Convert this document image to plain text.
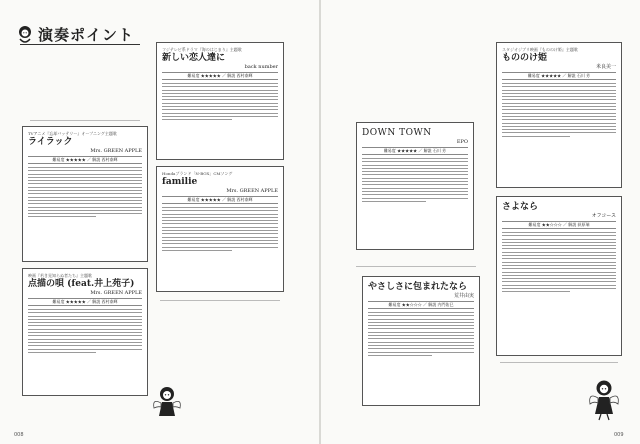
演奏ポイント
TVアニメ『忘却バッテリー』オープニング主題歌
ライラック
Mrs. GREEN APPLE
難易度 ★★★★★ ／ 解説 西村泰輝
映画『若き見知らぬ者たち』主題歌
点描の唄 (feat.井上苑子)
Mrs. GREEN APPLE
難易度 ★★★★★ ／ 解説 西村泰輝
フジテレビ系ドラマ『海のはじまり』主題歌
新しい恋人達に
back number
難易度 ★★★★★ ／ 解説 西村泰輝
Hondaブランド「N-BOX」CMソング
familie
Mrs. GREEN APPLE
難易度 ★★★★★ ／ 解説 西村泰輝
DOWN TOWN
EPO
難易度 ★★★★★ ／ 解説 石川 芳
やさしさに包まれたなら
荒井由実
難易度 ★★☆☆☆ ／ 解説 内門佑巳
スタジオジブリ映画『もののけ姫』主題歌
もののけ姫
米良美一
難易度 ★★★★★ ／ 解説 石川 芳
さよなら
オフコース
難易度 ★★☆☆☆ ／ 解説 荻原瑞
008	009
